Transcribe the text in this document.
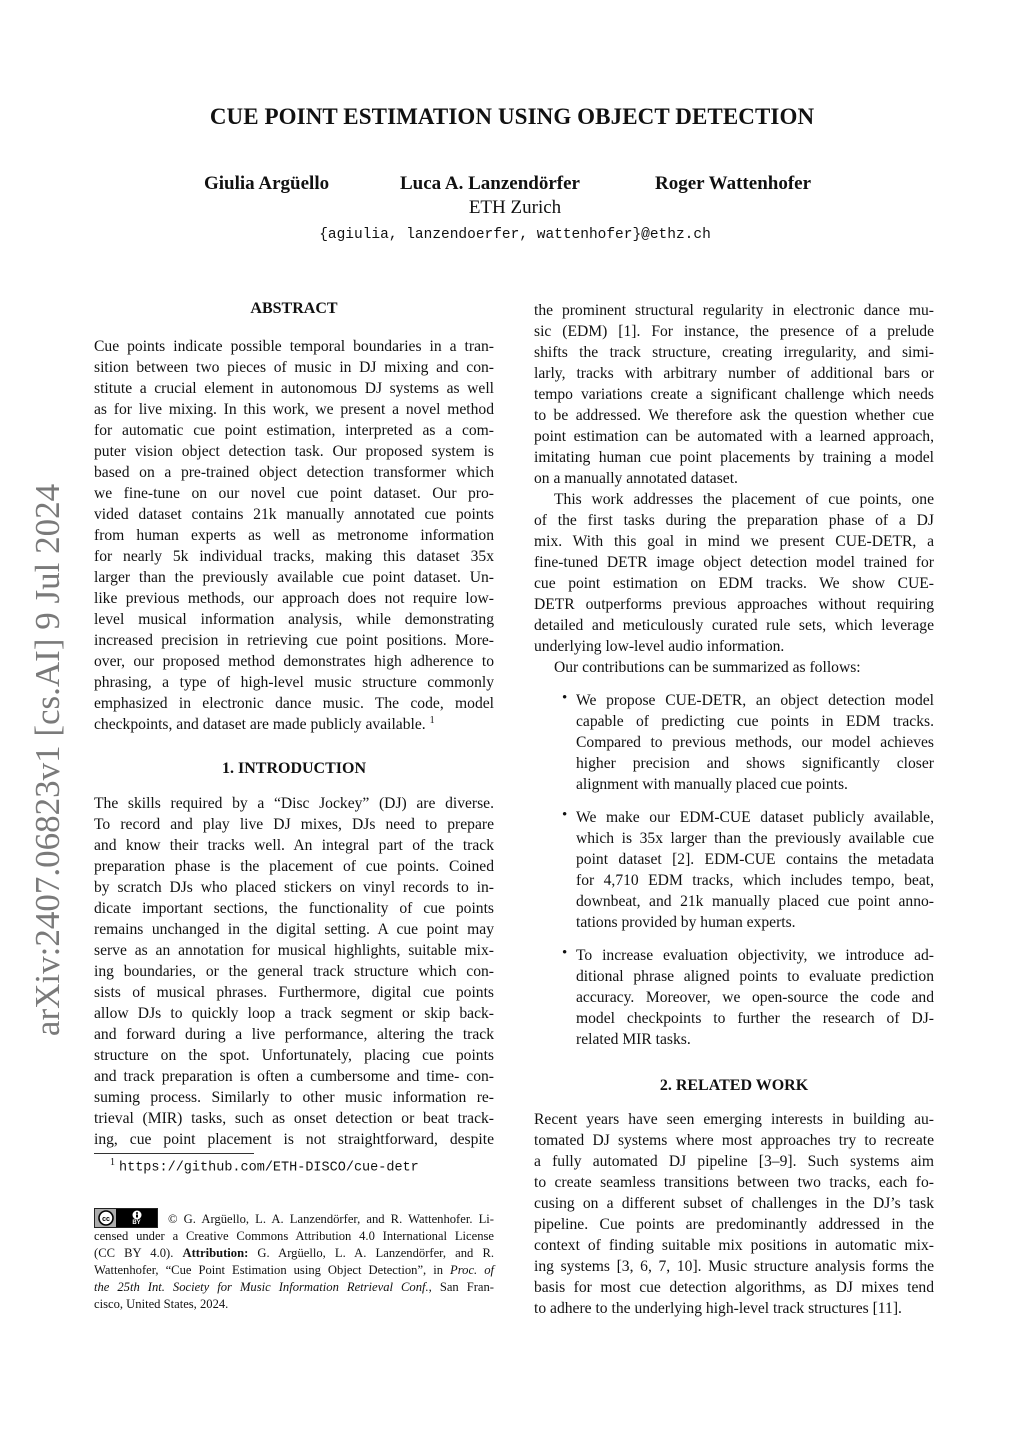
CUE POINT ESTIMATION USING OBJECT DETECTION
Giulia Argüello	Luca A. Lanzendörfer	Roger Wattenhofer
ETH Zurich
{agiulia, lanzendoerfer, wattenhofer}@ethz.ch
arXiv:2407.06823v1 [cs.AI] 9 Jul 2024
ABSTRACT
Cue points indicate possible temporal boundaries in a tran-
sition between two pieces of music in DJ mixing and con-
stitute a crucial element in autonomous DJ systems as well
as for live mixing. In this work, we present a novel method
for automatic cue point estimation, interpreted as a com-
puter vision object detection task. Our proposed system is
based on a pre-trained object detection transformer which
we fine-tune on our novel cue point dataset. Our pro-
vided dataset contains 21k manually annotated cue points
from human experts as well as metronome information
for nearly 5k individual tracks, making this dataset 35x
larger than the previously available cue point dataset. Un-
like previous methods, our approach does not require low-
level musical information analysis, while demonstrating
increased precision in retrieving cue point positions. More-
over, our proposed method demonstrates high adherence to
phrasing, a type of high-level music structure commonly
emphasized in electronic dance music. The code, model
checkpoints, and dataset are made publicly available. $^1$
1. INTRODUCTION
The skills required by a “Disc Jockey” (DJ) are diverse.
To record and play live DJ mixes, DJs need to prepare
and know their tracks well. An integral part of the track
preparation phase is the placement of cue points. Coined
by scratch DJs who placed stickers on vinyl records to in-
dicate important sections, the functionality of cue points
remains unchanged in the digital setting. A cue point may
serve as an annotation for musical highlights, suitable mix-
ing boundaries, or the general track structure which con-
sists of musical phrases. Furthermore, digital cue points
allow DJs to quickly loop a track segment or skip back-
and forward during a live performance, altering the track
structure on the spot. Unfortunately, placing cue points
and track preparation is often a cumbersome and time- con-
suming process. Similarly to other music information re-
trieval (MIR) tasks, such as onset detection or beat track-
ing, cue point placement is not straightforward, despite
$^1$ https://github.com/ETH-DISCO/cue-detr
cc	BY © G. Argüello, L. A. Lanzendörfer, and R. Wattenhofer. Li-
censed under a Creative Commons Attribution 4.0 International License
(CC BY 4.0). Attribution: G. Argüello, L. A. Lanzendörfer, and R.
Wattenhofer, “Cue Point Estimation using Object Detection”, in Proc. of
the 25th Int. Society for Music Information Retrieval Conf., San Fran-
cisco, United States, 2024.
the prominent structural regularity in electronic dance mu-
sic (EDM) [1]. For instance, the presence of a prelude
shifts the track structure, creating irregularity, and simi-
larly, tracks with arbitrary number of additional bars or
tempo variations create a significant challenge which needs
to be addressed. We therefore ask the question whether cue
point estimation can be automated with a learned approach,
imitating human cue point placements by training a model
on a manually annotated dataset.
This work addresses the placement of cue points, one
of the first tasks during the preparation phase of a DJ
mix. With this goal in mind we present CUE-DETR, a
fine-tuned DETR image object detection model trained for
cue point estimation on EDM tracks. We show CUE-
DETR outperforms previous approaches without requiring
detailed and meticulously curated rule sets, which leverage
underlying low-level audio information.
Our contributions can be summarized as follows:
• We propose CUE-DETR, an object detection model
capable of predicting cue points in EDM tracks.
Compared to previous methods, our model achieves
higher precision and shows significantly closer
alignment with manually placed cue points.
• We make our EDM-CUE dataset publicly available,
which is 35x larger than the previously available cue
point dataset [2]. EDM-CUE contains the metadata
for 4,710 EDM tracks, which includes tempo, beat,
downbeat, and 21k manually placed cue point anno-
tations provided by human experts.
• To increase evaluation objectivity, we introduce ad-
ditional phrase aligned points to evaluate prediction
accuracy. Moreover, we open-source the code and
model checkpoints to further the research of DJ-
related MIR tasks.
2. RELATED WORK
Recent years have seen emerging interests in building au-
tomated DJ systems where most approaches try to recreate
a fully automated DJ pipeline [3–9]. Such systems aim
to create seamless transitions between two tracks, each fo-
cusing on a different subset of challenges in the DJ’s task
pipeline. Cue points are predominantly addressed in the
context of finding suitable mix positions in automatic mix-
ing systems [3, 6, 7, 10]. Music structure analysis forms the
basis for most cue detection algorithms, as DJ mixes tend
to adhere to the underlying high-level track structures [11].
